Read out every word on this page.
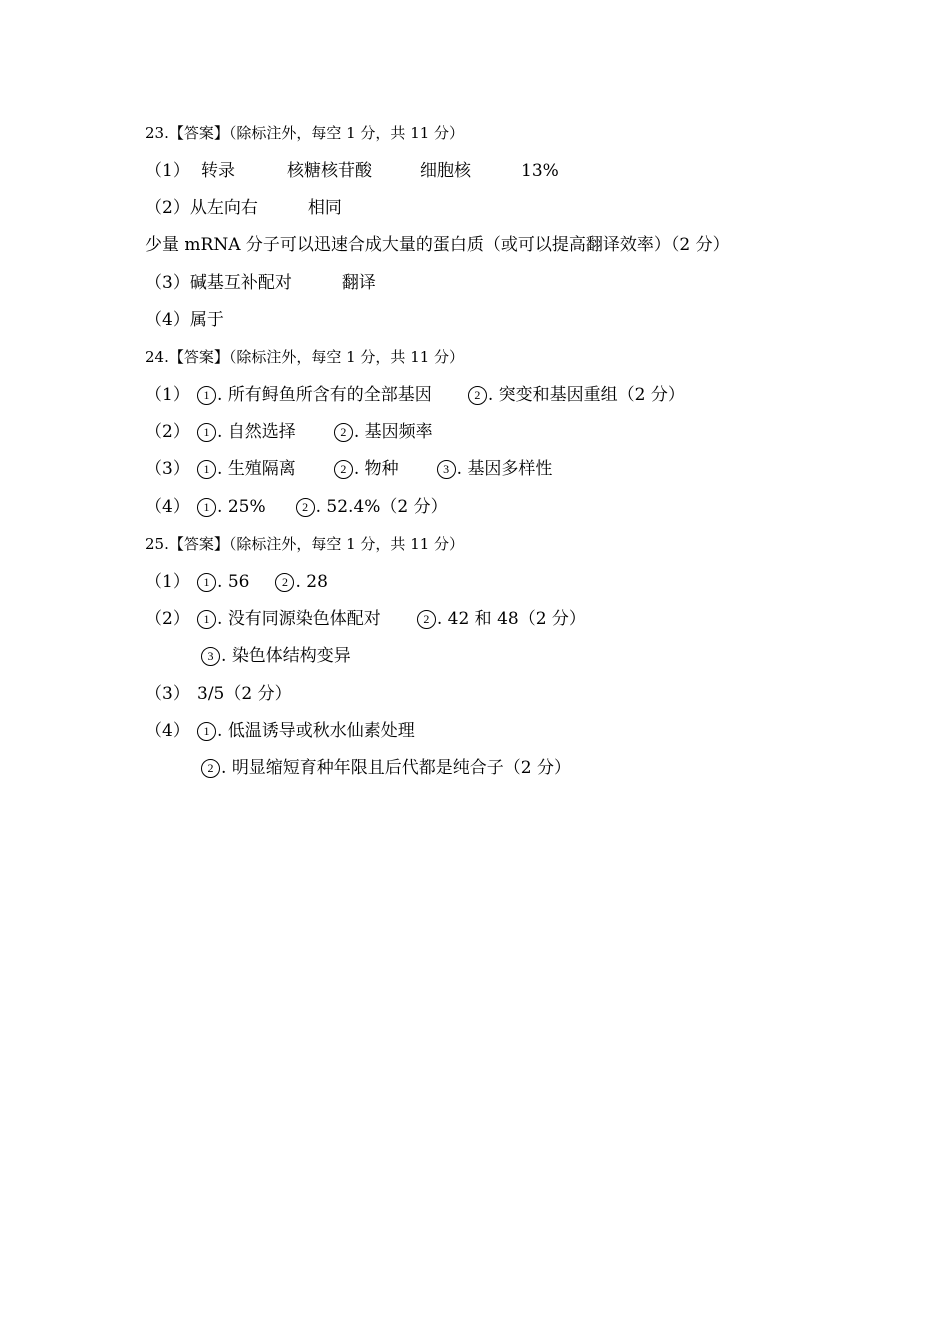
23.【答案】（除标注外，每空 1 分，共 11 分）
（1） 转录	核糖核苷酸	细胞核	13%
（2）从左向右	相同
少量 mRNA 分子可以迅速合成大量的蛋白质（或可以提高翻译效率）（2 分）
（3）碱基互补配对	翻译
（4）属于
24.【答案】（除标注外，每空 1 分，共 11 分）
（1） 1 . 所有鲟鱼所含有的全部基因	2 . 突变和基因重组（2 分）
（2） 1 . 自然选择	2 . 基因频率
（3） 1 . 生殖隔离	2 . 物种	3 . 基因多样性
（4） 1 . 25%	2 . 52.4%（2 分）
25.【答案】（除标注外，每空 1 分，共 11 分）
（1） 1 . 56	2 . 28
（2） 1 . 没有同源染色体配对	2 . 42 和 48（2 分）
3 . 染色体结构变异
（3） 3/5（2 分）
（4） 1 . 低温诱导或秋水仙素处理
2 . 明显缩短育种年限且后代都是纯合子（2 分）
